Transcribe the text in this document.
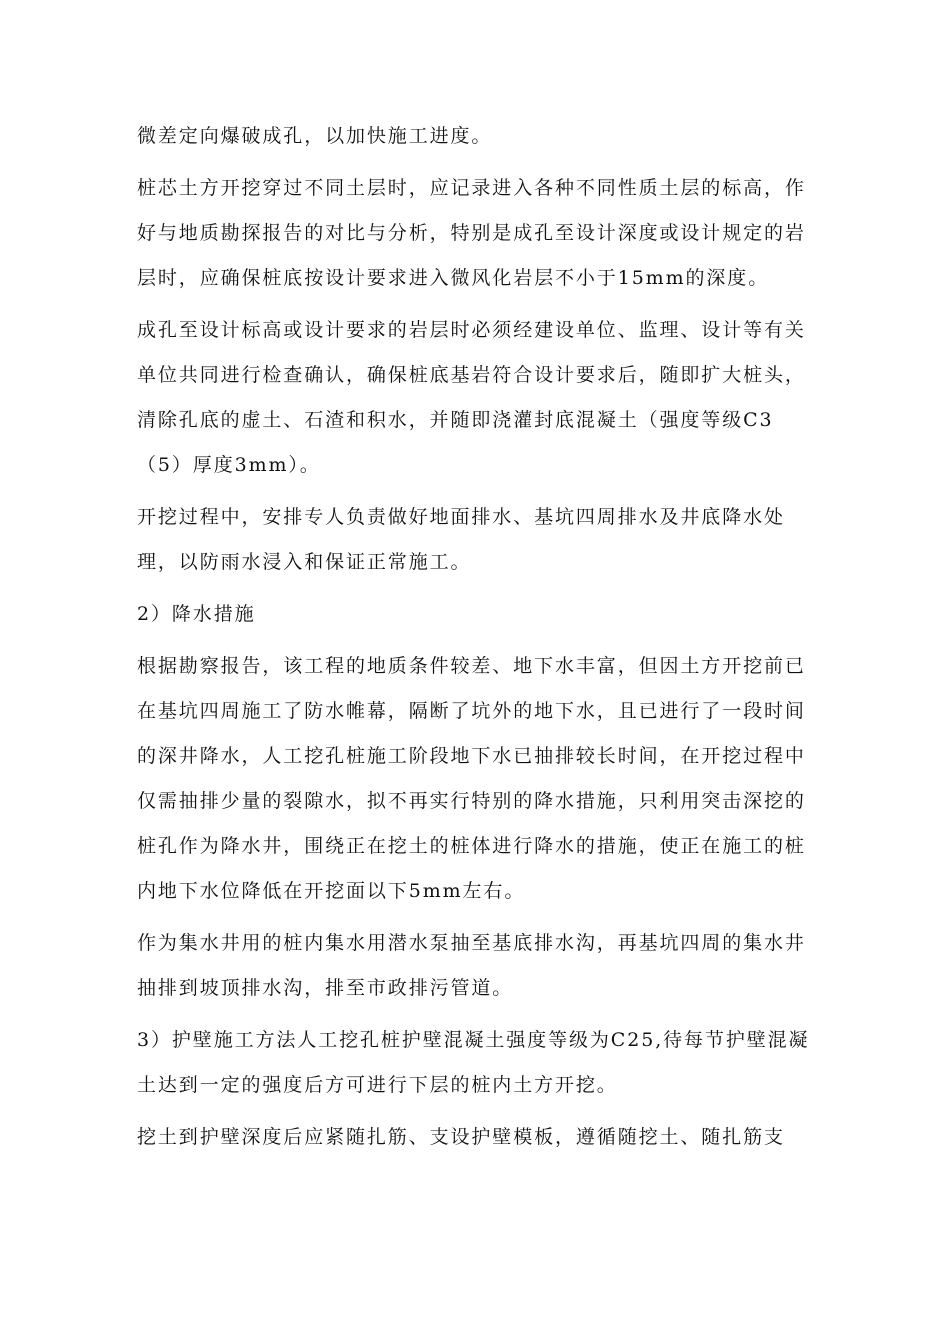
微差定向爆破成孔，以加快施工进度。

桩芯土方开挖穿过不同土层时，应记录进入各种不同性质土层的标高，作
好与地质勘探报告的对比与分析，特别是成孔至设计深度或设计规定的岩
层时，应确保桩底按设计要求进入微风化岩层不小于15mm的深度。

成孔至设计标高或设计要求的岩层时必须经建设单位、监理、设计等有关
单位共同进行检查确认，确保桩底基岩符合设计要求后，随即扩大桩头，
清除孔底的虚土、石渣和积水，并随即浇灌封底混凝土（强度等级C3
（5）厚度3mm）。

开挖过程中，安排专人负责做好地面排水、基坑四周排水及井底降水处
理，以防雨水浸入和保证正常施工。

2）降水措施

根据勘察报告，该工程的地质条件较差、地下水丰富，但因土方开挖前已
在基坑四周施工了防水帷幕，隔断了坑外的地下水，且已进行了一段时间
的深井降水，人工挖孔桩施工阶段地下水已抽排较长时间，在开挖过程中
仅需抽排少量的裂隙水，拟不再实行特别的降水措施，只利用突击深挖的
桩孔作为降水井，围绕正在挖土的桩体进行降水的措施，使正在施工的桩
内地下水位降低在开挖面以下5mm左右。

作为集水井用的桩内集水用潜水泵抽至基底排水沟，再基坑四周的集水井
抽排到坡顶排水沟，排至市政排污管道。

3）护壁施工方法人工挖孔桩护壁混凝土强度等级为C25,待每节护壁混凝
土达到一定的强度后方可进行下层的桩内土方开挖。

挖土到护壁深度后应紧随扎筋、支设护壁模板，遵循随挖土、随扎筋支
